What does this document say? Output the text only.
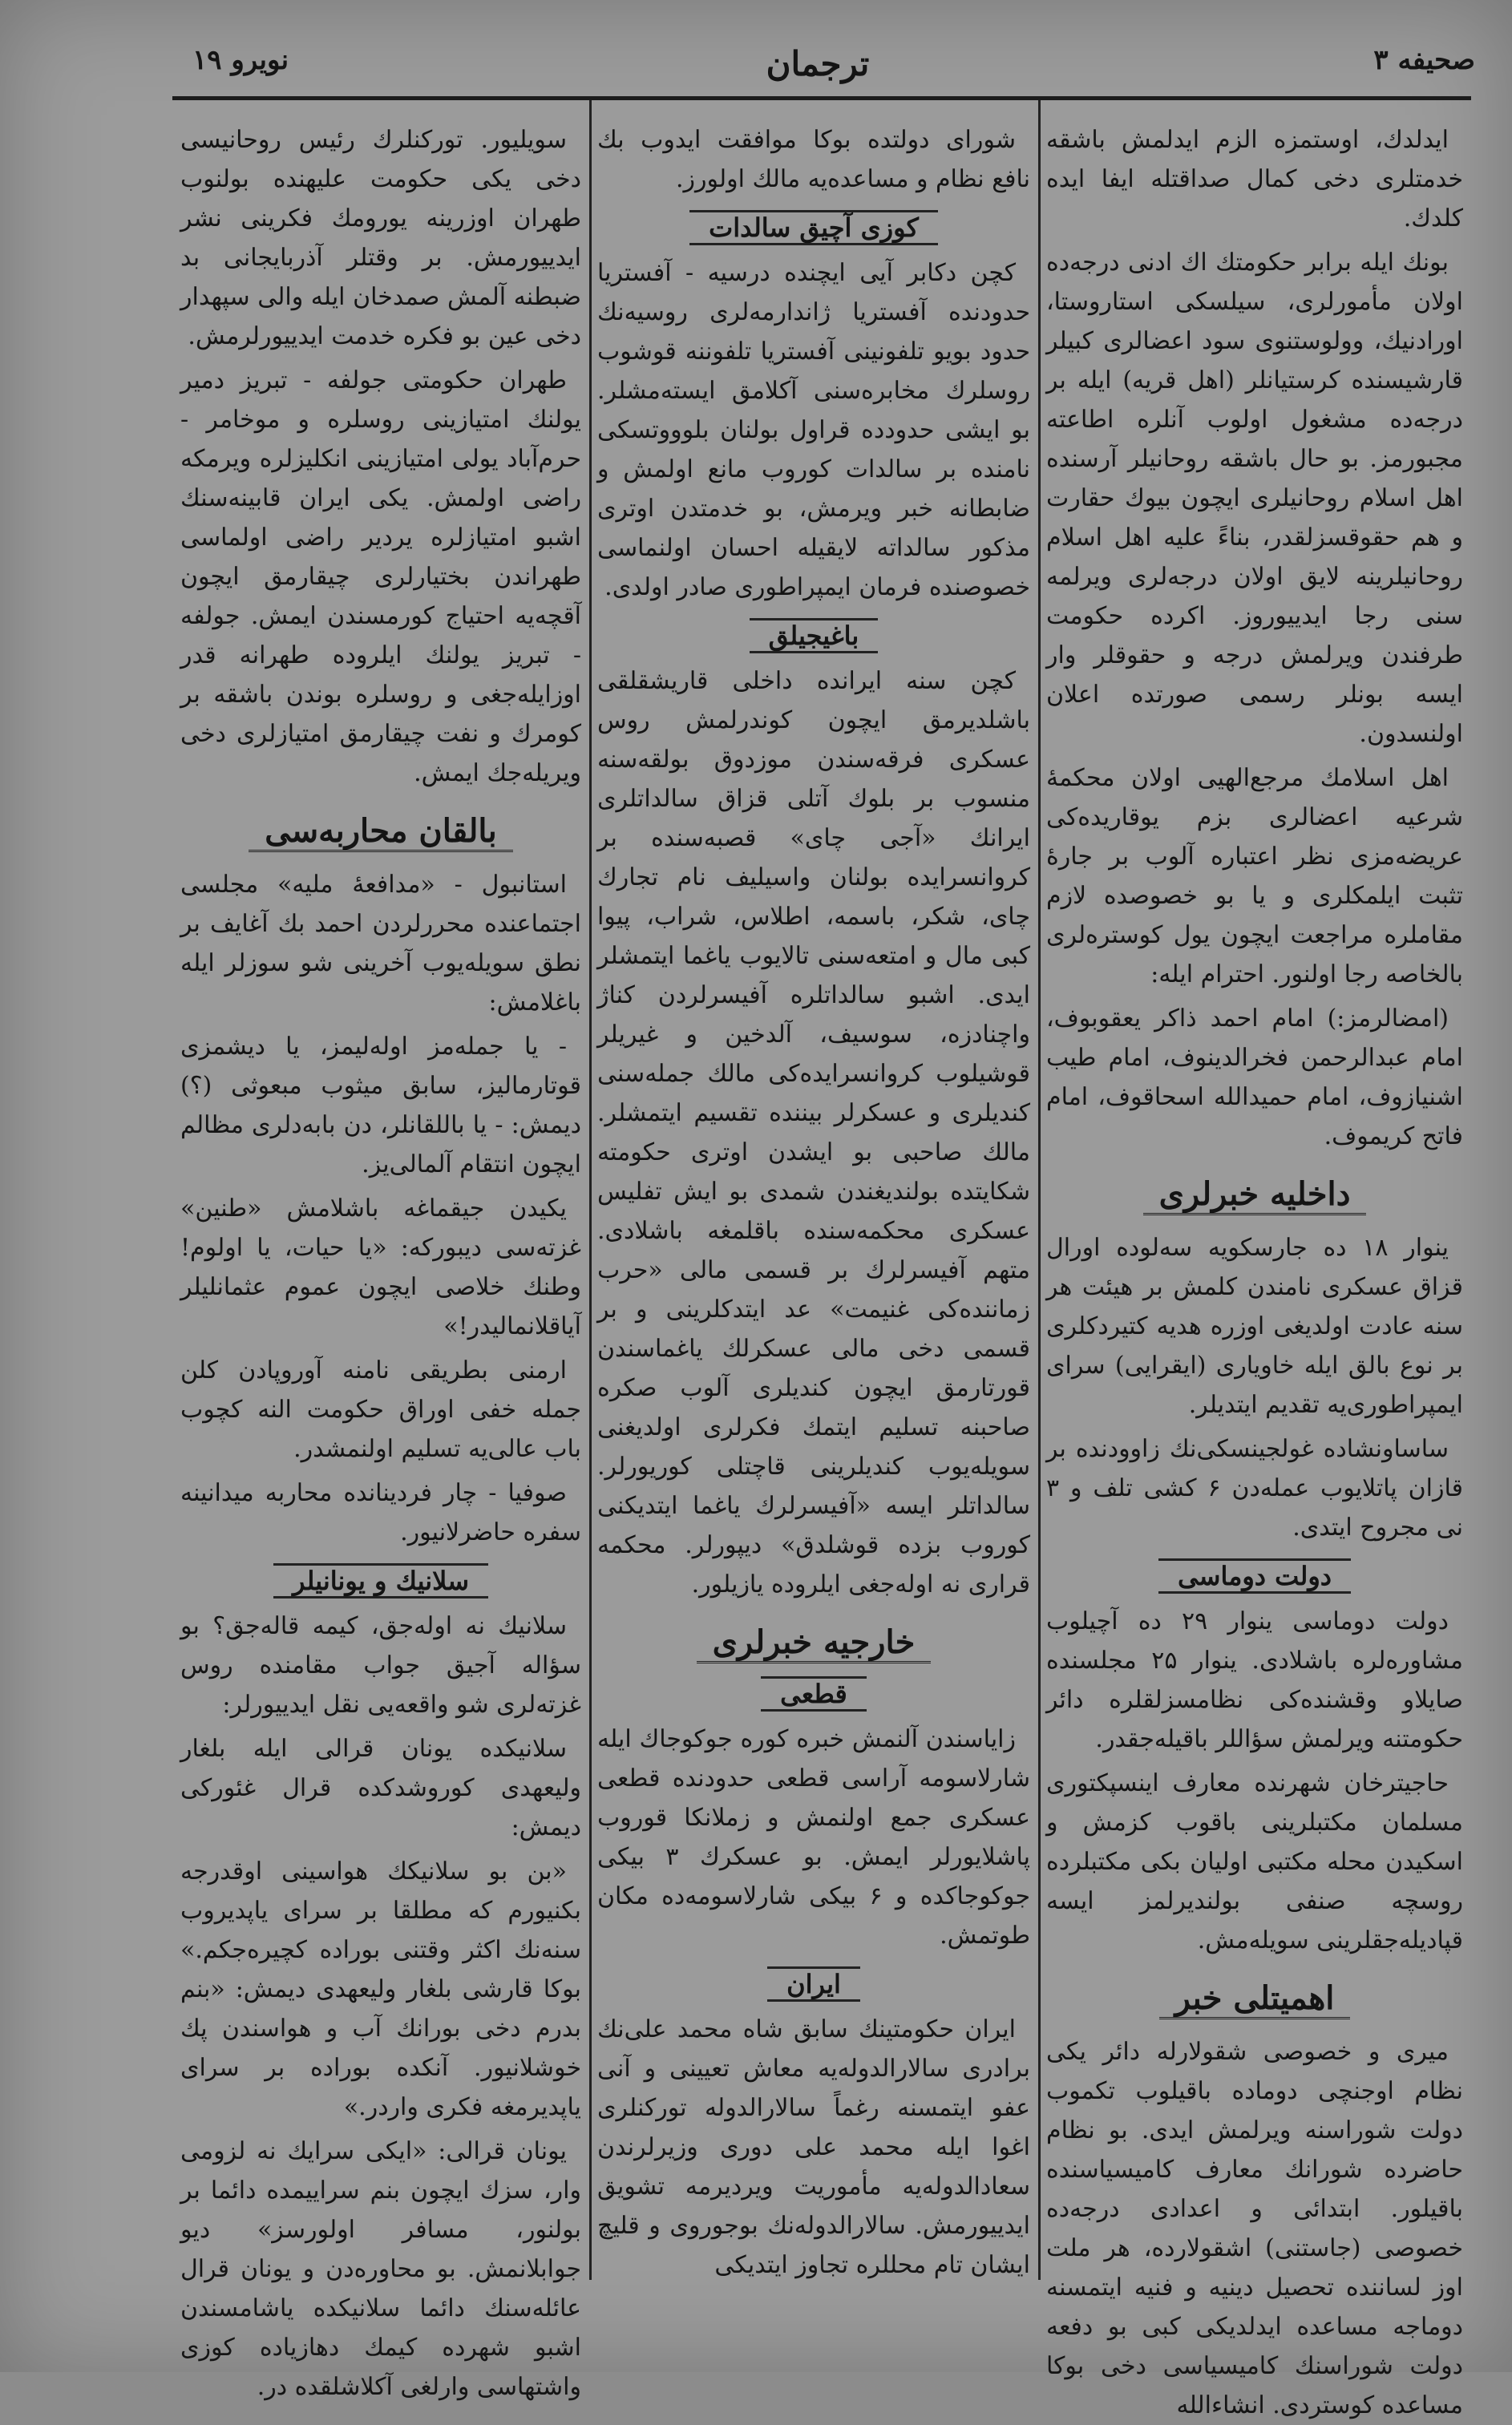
صحیفه ۳
ترجمان
نویرو ۱۹

ایدلدك، اوستمزه الزم ایدلمش باشقه خدمتلری دخی کمال صداقتله ایفا ایده کلدك.

بونك ایله برابر حکومتك اك ادنی درجه‌ده اولان مأمورلری، سیلسکی استاروستا، اورادنیك، وولوستنوی سود اعضالری کبیلر قارشیسنده کرستیانلر (اهل قریه) ایله بر درجه‌ده مشغول اولوب آنلره اطاعته مجبورمز. بو حال باشقه روحانیلر آرسنده اهل اسلام روحانیلری ایچون بیوك حقارت و هم حقوقسزلقدر، بناءً علیه اهل اسلام روحانیلرینه لایق اولان درجه‌لری ویرلمه سنی رجا ایدییوروز. اکرده حکومت طرفندن ویرلمش درجه و حقوقلر وار ایسه بونلر رسمی صورتده اعلان اولنسدون.

اهل اسلامك مرجع‌الهیی اولان محکمهٔ شرعیه اعضالری بزم یوقاریده‌کی عریضه‌مزی نظر اعتباره آلوب بر جارهٔ تثبت ایلمکلری و یا بو خصوصده لازم مقاملره مراجعت ایچون یول کوستره‌لری بالخاصه رجا اولنور. احترام ایله:

(امضالرمز:) امام احمد ذاکر یعقوبوف، امام عبدالرحمن فخرالدینوف، امام طیب اشنیازوف، امام حمیدالله اسحاقوف، امام فاتح کریموف.

داخلیه خبرلری

ینوار ۱۸ ده جارسکویه سه‌لوده اورال قزاق عسکری نامندن کلمش بر هیئت هر سنه عادت اولدیغی اوزره هدیه کتیردکلری بر نوع بالق ایله خاویاری (ایقرایی) سرای ایمپراطوری‌یه تقدیم ایتدیلر.

ساساونشاده غولجینسکی‌نك زاوودنده بر قازان پاتلایوب عمله‌دن ۶ کشی تلف و ۳ نی مجروح ایتدی.

دولت دوماسی

دولت دوماسی ینوار ۲۹ ده آچیلوب مشاوره‌لره باشلادی. ینوار ۲۵ مجلسنده صایلاو وقشنده‌کی نظامسزلقلره دائر حکومتنه ویرلمش سؤاللر باقیله‌جقدر.

حاجیترخان شهرنده معارف اینسپکتوری مسلمان مکتبلرینی باقوب کزمش و اسکیدن محله مکتبی اولیان بکی مکتبلرده روسچه صنفی بولندیرلمز ایسه قپادیله‌جقلرینی سویله‌مش.

اهمیتلی خبر

میری و خصوصی شقولارله دائر یکی نظام اوجنچی دوماده باقیلوب تکموب دولت شوراسنه ویرلمش ایدی. بو نظام حاضرده شورانك معارف کامیسیاسنده باقیلور. ابتدائی و اعدادی درجه‌ده خصوصی (جاستنی) اشقولارده، هر ملت اوز لساننده تحصیل دینیه و فنیه ایتمسنه دوماجه مساعده ایدلدیکی کبی بو دفعه دولت شوراسنك کامیسیاسی دخی بوکا مساعده کوستردی. انشاءالله

شورای دولتده بوکا موافقت ایدوب بك نافع نظام و مساعده‌یه مالك اولورز.

کوزی آچیق سالدات

کچن دکابر آیی ایچنده درسیه - آفستریا حدودنده آفستریا ژاندارمه‌لری روسیه‌نك حدود بویو تلفونینی آفستریا تلفوننه قوشوب روسلرك مخابره‌سنی آکلامق ایسته‌مشلر. بو ایشی حدودده قراول بولنان بلوووتسکی نامنده بر سالدات کوروب مانع اولمش و ضابطانه خبر ویرمش، بو خدمتدن اوتری مذکور سالداته لایقیله احسان اولنماسی خصوصنده فرمان ایمپراطوری صادر اولدی.

باغیجیلق

کچن سنه ایرانده داخلی قاریشقلقی باشلدیرمق ایچون کوندرلمش روس عسکری فرقه‌سندن موزدوق بولقه‌سنه منسوب بر بلوك آتلی قزاق سالداتلری ایرانك «آجی چای» قصبه‌سنده بر کروانسرایده بولنان واسیلیف نام تجارك چای، شکر، باسمه، اطلاس، شراب، پیوا کبی مال و امتعه‌سنی تالایوب یاغما ایتمشلر ایدی. اشبو سالداتلره آفیسرلردن کناژ واچنادزه، سوسیف، آلدخین و غیریلر قوشیلوب کروانسرایده‌کی مالك جمله‌سنی کندیلری و عسکرلر بیننده تقسیم ایتمشلر. مالك صاحبی بو ایشدن اوتری حکومته شکایتده بولندیغندن شمدی بو ایش تفلیس عسکری محکمه‌سنده باقلمغه باشلادی. متهم آفیسرلرك بر قسمی مالی «حرب زماننده‌کی غنیمت» عد ایتدکلرینی و بر قسمی دخی مالی عسکرلك یاغماسندن قورتارمق ایچون کندیلری آلوب صکره صاحبنه تسلیم ایتمك فکرلری اولدیغنی سویله‌یوب کندیلرینی قاچتلی کوریورلر. سالداتلر ایسه «آفیسرلرك یاغما ایتدیکنی کوروب بزده قوشلدق» دیپورلر. محکمه قراری نه اوله‌جغی ایلروده یازیلور.

خارجیه خبرلری
قطعی

زایاسندن آلنمش خبره کوره جوکوجاك ایله شارلاسومه آراسی قطعی حدودنده قطعی عسکری جمع اولنمش و زملانکا قوروب پاشلایورلر ایمش. بو عسکرك ۳ بیکی جوکوجاکده و ۶ بیکی شارلاسومه‌ده مکان طوتمش.

ایران

ایران حکومتینك سابق شاه محمد علی‌نك برادری سالارالدوله‌یه معاش تعیینی و آنی عفو ایتمسنه رغماً سالارالدوله تورکنلری اغوا ایله محمد علی دوری وزیرلرندن سعادالدوله‌یه مأموریت ویردیرمه تشویق ایدییورمش. سالارالدوله‌نك بوجوروی و قلیچ ایشان تام محللره تجاوز ایتدیکی

سویلیور. تورکنلرك رئیس روحانیسی دخی یکی حکومت علیهنده بولنوب طهران اوزرینه یورومك فکرینی نشر ایدییورمش. بر وقتلر آذربایجانی بد ضبطنه آلمش صمدخان ایله والی سپهدار دخی عین بو فکره خدمت ایدییورلرمش.

طهران حکومتی جولفه - تبریز دمیر یولنك امتیازینی روسلره و موخامر - حرم‌آباد یولی امتیازینی انکلیزلره ویرمکه راضی اولمش. یکی ایران قابینه‌سنك اشبو امتیازلره یردیر راضی اولماسی طهراندن بختیارلری چیقارمق ایچون آقچه‌یه احتیاج کورمسندن ایمش. جولفه - تبریز یولنك ایلروده طهرانه قدر اوزایله‌جغی و روسلره بوندن باشقه بر کومرك و نفت چیقارمق امتیازلری دخی ویریله‌جك ایمش.

بالقان محاربه‌سی

استانبول - «مدافعهٔ ملیه» مجلسی اجتماعنده محررلردن احمد بك آغایف بر نطق سویله‌یوب آخرینی شو سوزلر ایله باغلامش:

- یا جمله‌مز اوله‌لیمز، یا دیشمزی قوتارمالیز، سابق میثوب مبعوثی (؟) دیمش: - یا باللقانلر، دن بابه‌دلری مظالم ایچون انتقام آلمالی‌یز.

یکیدن جیقماغه باشلامش «طنین» غزته‌سی دیبورکه: «یا حیات، یا اولوم! وطنك خلاصی ایچون عموم عثمانلیلر آیاقلانمالیدر!»

ارمنی بطریقی نامنه آوروپادن کلن جمله خفی اوراق حکومت النه کچوب باب عالی‌یه تسلیم اولنمشدر.

صوفیا - چار فردینانده محاربه میدانینه سفره حاضرلانیور.

سلانیك و یونانیلر

سلانیك نه اوله‌جق، کیمه قاله‌جق؟ بو سؤاله آجیق جواب مقامنده روس غزته‌لری شو واقعه‌یی نقل ایدییورلر:

سلانیکده یونان قرالی ایله بلغار ولیعهدی کوروشدکده قرال غئورکی دیمش:

«بن بو سلانیکك هواسینی اوقدرجه بکنیورم که مطلقا بر سرای یاپدیروب سنه‌نك اکثر وقتنی بوراده کچیره‌جکم.» بوکا قارشی بلغار ولیعهدی دیمش: «بنم بدرم دخی بورانك آب و هواسندن پك خوشلانیور. آنکده بوراده بر سرای یاپدیرمغه فکری واردر.»

یونان قرالی: «ایکی سرایك نه لزومی وار، سزك ایچون بنم سراییمده دائما بر بولنور، مسافر اولورسز» دیو جوابلانمش. بو محاوره‌دن و یونان قرال عائله‌سنك دائما سلانیکده یاشامسندن اشبو شهرده کیمك دهازیاده کوزی واشتهاسی وارلغی آکلاشلقده در.
